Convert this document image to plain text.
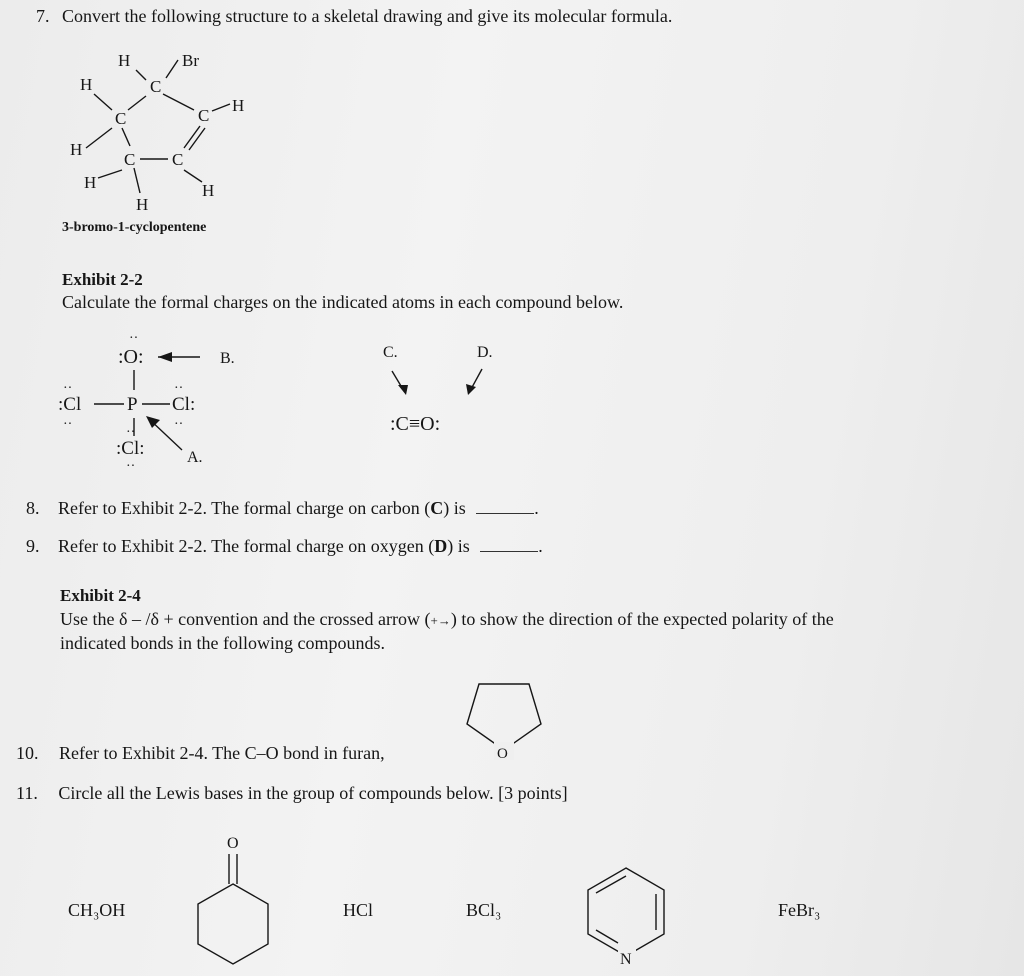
7. Convert the following structure to a skeletal drawing and give its molecular formula.
H	Br
H	C
C	C
H
H
C C
H	H
H
3-bromo-1-cyclopentene
Exhibit 2-2
Calculate the formal charges on the indicated atoms in each compound below.
:O:
··
B.
:Cl
··
··
P Cl:
··
··
:Cl:
··
··
A.
C.	D.
:C≡O:
8. Refer to Exhibit 2-2. The formal charge on carbon (C) is	.
9. Refer to Exhibit 2-2. The formal charge on oxygen (D) is	.
Exhibit 2-4
Use the δ – /δ + convention and the crossed arrow (+→) to show the direction of the expected polarity of the
indicated bonds in the following compounds.
O
10. Refer to Exhibit 2-4. The C–O bond in furan,
11. Circle all the Lewis bases in the group of compounds below. [3 points]
CH₃OH
O
HCl	BCl₃
N
FeBr₃
